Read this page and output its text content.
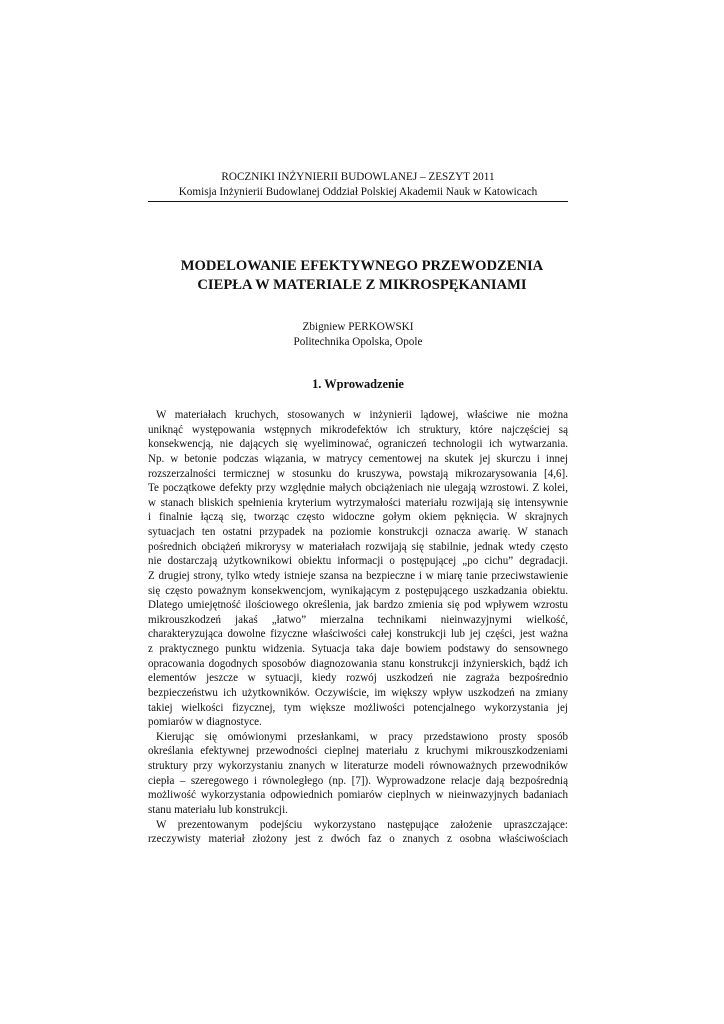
ROCZNIKI INŻYNIERII BUDOWLANEJ – ZESZYT 2011
Komisja Inżynierii Budowlanej Oddział Polskiej Akademii Nauk w Katowicach
MODELOWANIE EFEKTYWNEGO PRZEWODZENIA
CIEPŁA W MATERIALE Z MIKROSPĘKANIAMI
Zbigniew PERKOWSKI
Politechnika Opolska, Opole
1. Wprowadzenie

W materiałach kruchych, stosowanych w inżynierii lądowej, właściwe nie można
uniknąć występowania wstępnych mikrodefektów ich struktury, które najczęściej są
konsekwencją, nie dających się wyeliminować, ograniczeń technologii ich wytwarzania.
Np. w betonie podczas wiązania, w matrycy cementowej na skutek jej skurczu i innej
rozszerzalności termicznej w stosunku do kruszywa, powstają mikrozarysowania [4,6].
Te początkowe defekty przy względnie małych obciążeniach nie ulegają wzrostowi. Z kolei,
w stanach bliskich spełnienia kryterium wytrzymałości materiału rozwijają się intensywnie
i finalnie łączą się, tworząc często widoczne gołym okiem pęknięcia. W skrajnych
sytuacjach ten ostatni przypadek na poziomie konstrukcji oznacza awarię. W stanach
pośrednich obciążeń mikrorysy w materiałach rozwijają się stabilnie, jednak wtedy często
nie dostarczają użytkownikowi obiektu informacji o postępującej „po cichu” degradacji.
Z drugiej strony, tylko wtedy istnieje szansa na bezpieczne i w miarę tanie przeciwstawienie
się często poważnym konsekwencjom, wynikającym z postępującego uszkadzania obiektu.
Dlatego umiejętność ilościowego określenia, jak bardzo zmienia się pod wpływem wzrostu
mikrouszkodzeń jakaś „łatwo” mierzalna technikami nieinwazyjnymi wielkość,
charakteryzująca dowolne fizyczne właściwości całej konstrukcji lub jej części, jest ważna
z praktycznego punktu widzenia. Sytuacja taka daje bowiem podstawy do sensownego
opracowania dogodnych sposobów diagnozowania stanu konstrukcji inżynierskich, bądź ich
elementów jeszcze w sytuacji, kiedy rozwój uszkodzeń nie zagraża bezpośrednio
bezpieczeństwu ich użytkowników. Oczywiście, im większy wpływ uszkodzeń na zmiany
takiej wielkości fizycznej, tym większe możliwości potencjalnego wykorzystania jej
pomiarów w diagnostyce.

Kierując się omówionymi przesłankami, w pracy przedstawiono prosty sposób
określania efektywnej przewodności cieplnej materiału z kruchymi mikrouszkodzeniami
struktury przy wykorzystaniu znanych w literaturze modeli równoważnych przewodników
ciepła – szeregowego i równoległego (np. [7]). Wyprowadzone relacje dają bezpośrednią
możliwość wykorzystania odpowiednich pomiarów cieplnych w nieinwazyjnych badaniach
stanu materiału lub konstrukcji.

W prezentowanym podejściu wykorzystano następujące założenie upraszczające:
rzeczywisty materiał złożony jest z dwóch faz o znanych z osobna właściwościach
